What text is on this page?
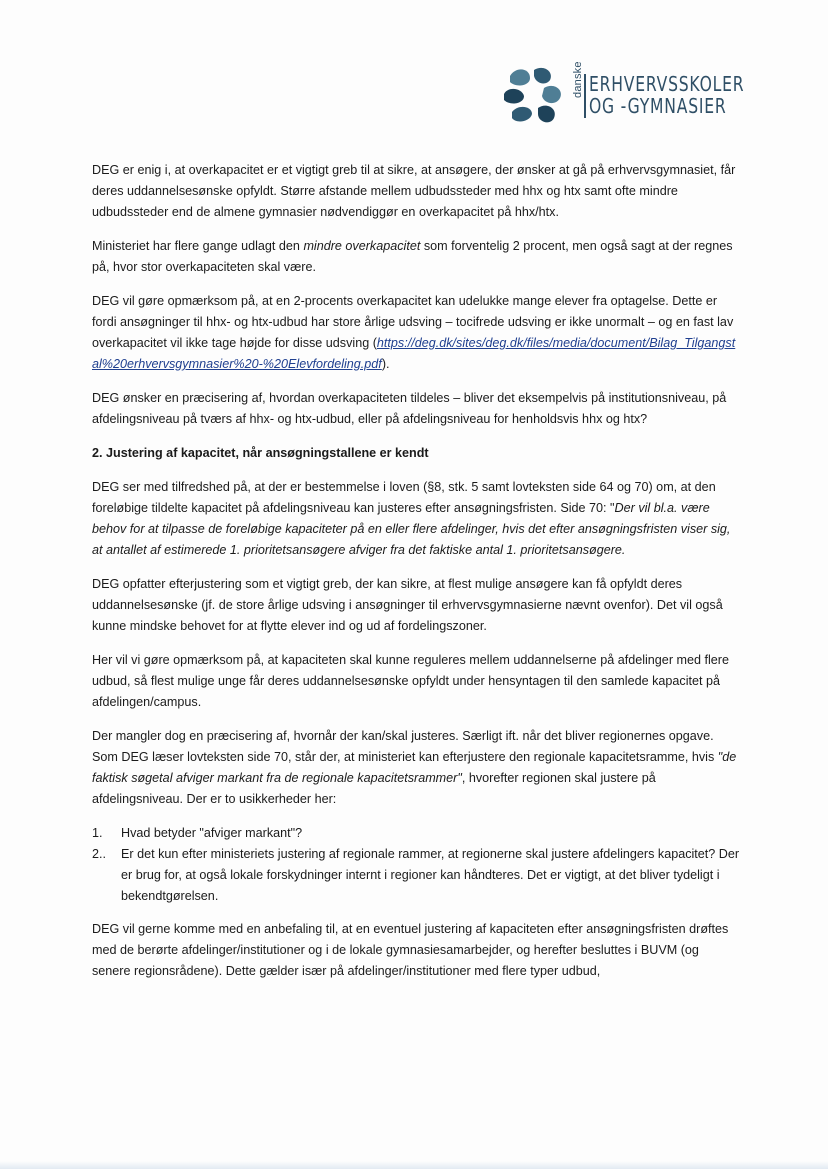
danske ERHVERVSSKOLER
OG -GYMNASIER

DEG er enig i, at overkapacitet er et vigtigt greb til at sikre, at ansøgere, der ønsker at gå på erhvervsgymnasiet, får deres uddannelsesønske opfyldt. Større afstande mellem udbudssteder med hhx og htx samt ofte mindre udbudssteder end de almene gymnasier nødvendiggør en overkapacitet på hhx/htx.

Ministeriet har flere gange udlagt den mindre overkapacitet som forventelig 2 procent, men også sagt at der regnes på, hvor stor overkapaciteten skal være.

DEG vil gøre opmærksom på, at en 2-procents overkapacitet kan udelukke mange elever fra optagelse. Dette er fordi ansøgninger til hhx- og htx-udbud har store årlige udsving – tocifrede udsving er ikke unormalt – og en fast lav overkapacitet vil ikke tage højde for disse udsving (https://deg.dk/sites/deg.dk/files/media/document/Bilag_Tilgangstal%20erhvervsgymnasier%20-%20Elevfordeling.pdf).

DEG ønsker en præcisering af, hvordan overkapaciteten tildeles – bliver det eksempelvis på institutionsniveau, på afdelingsniveau på tværs af hhx- og htx-udbud, eller på afdelingsniveau for henholdsvis hhx og htx?

2. Justering af kapacitet, når ansøgningstallene er kendt

DEG ser med tilfredshed på, at der er bestemmelse i loven (§8, stk. 5 samt lovteksten side 64 og 70) om, at den foreløbige tildelte kapacitet på afdelingsniveau kan justeres efter ansøgningsfristen. Side 70: "Der vil bl.a. være behov for at tilpasse de foreløbige kapaciteter på en eller flere afdelinger, hvis det efter ansøgningsfristen viser sig, at antallet af estimerede 1. prioritetsansøgere afviger fra det faktiske antal 1. prioritetsansøgere.

DEG opfatter efterjustering som et vigtigt greb, der kan sikre, at flest mulige ansøgere kan få opfyldt deres uddannelsesønske (jf. de store årlige udsving i ansøgninger til erhvervsgymnasierne nævnt ovenfor). Det vil også kunne mindske behovet for at flytte elever ind og ud af fordelingszoner.

Her vil vi gøre opmærksom på, at kapaciteten skal kunne reguleres mellem uddannelserne på afdelinger med flere udbud, så flest mulige unge får deres uddannelsesønske opfyldt under hensyntagen til den samlede kapacitet på afdelingen/campus.

Der mangler dog en præcisering af, hvornår der kan/skal justeres. Særligt ift. når det bliver regionernes opgave. Som DEG læser lovteksten side 70, står der, at ministeriet kan efterjustere den regionale kapacitetsramme, hvis "de faktisk søgetal afviger markant fra de regionale kapacitetsrammer", hvorefter regionen skal justere på afdelingsniveau. Der er to usikkerheder her:

1. Hvad betyder "afviger markant"?
2.. Er det kun efter ministeriets justering af regionale rammer, at regionerne skal justere afdelingers kapacitet? Der er brug for, at også lokale forskydninger internt i regioner kan håndteres. Det er vigtigt, at det bliver tydeligt i bekendtgørelsen.

DEG vil gerne komme med en anbefaling til, at en eventuel justering af kapaciteten efter ansøgningsfristen drøftes med de berørte afdelinger/institutioner og i de lokale gymnasiesamarbejder, og herefter besluttes i BUVM (og senere regionsrådene). Dette gælder især på afdelinger/institutioner med flere typer udbud,
